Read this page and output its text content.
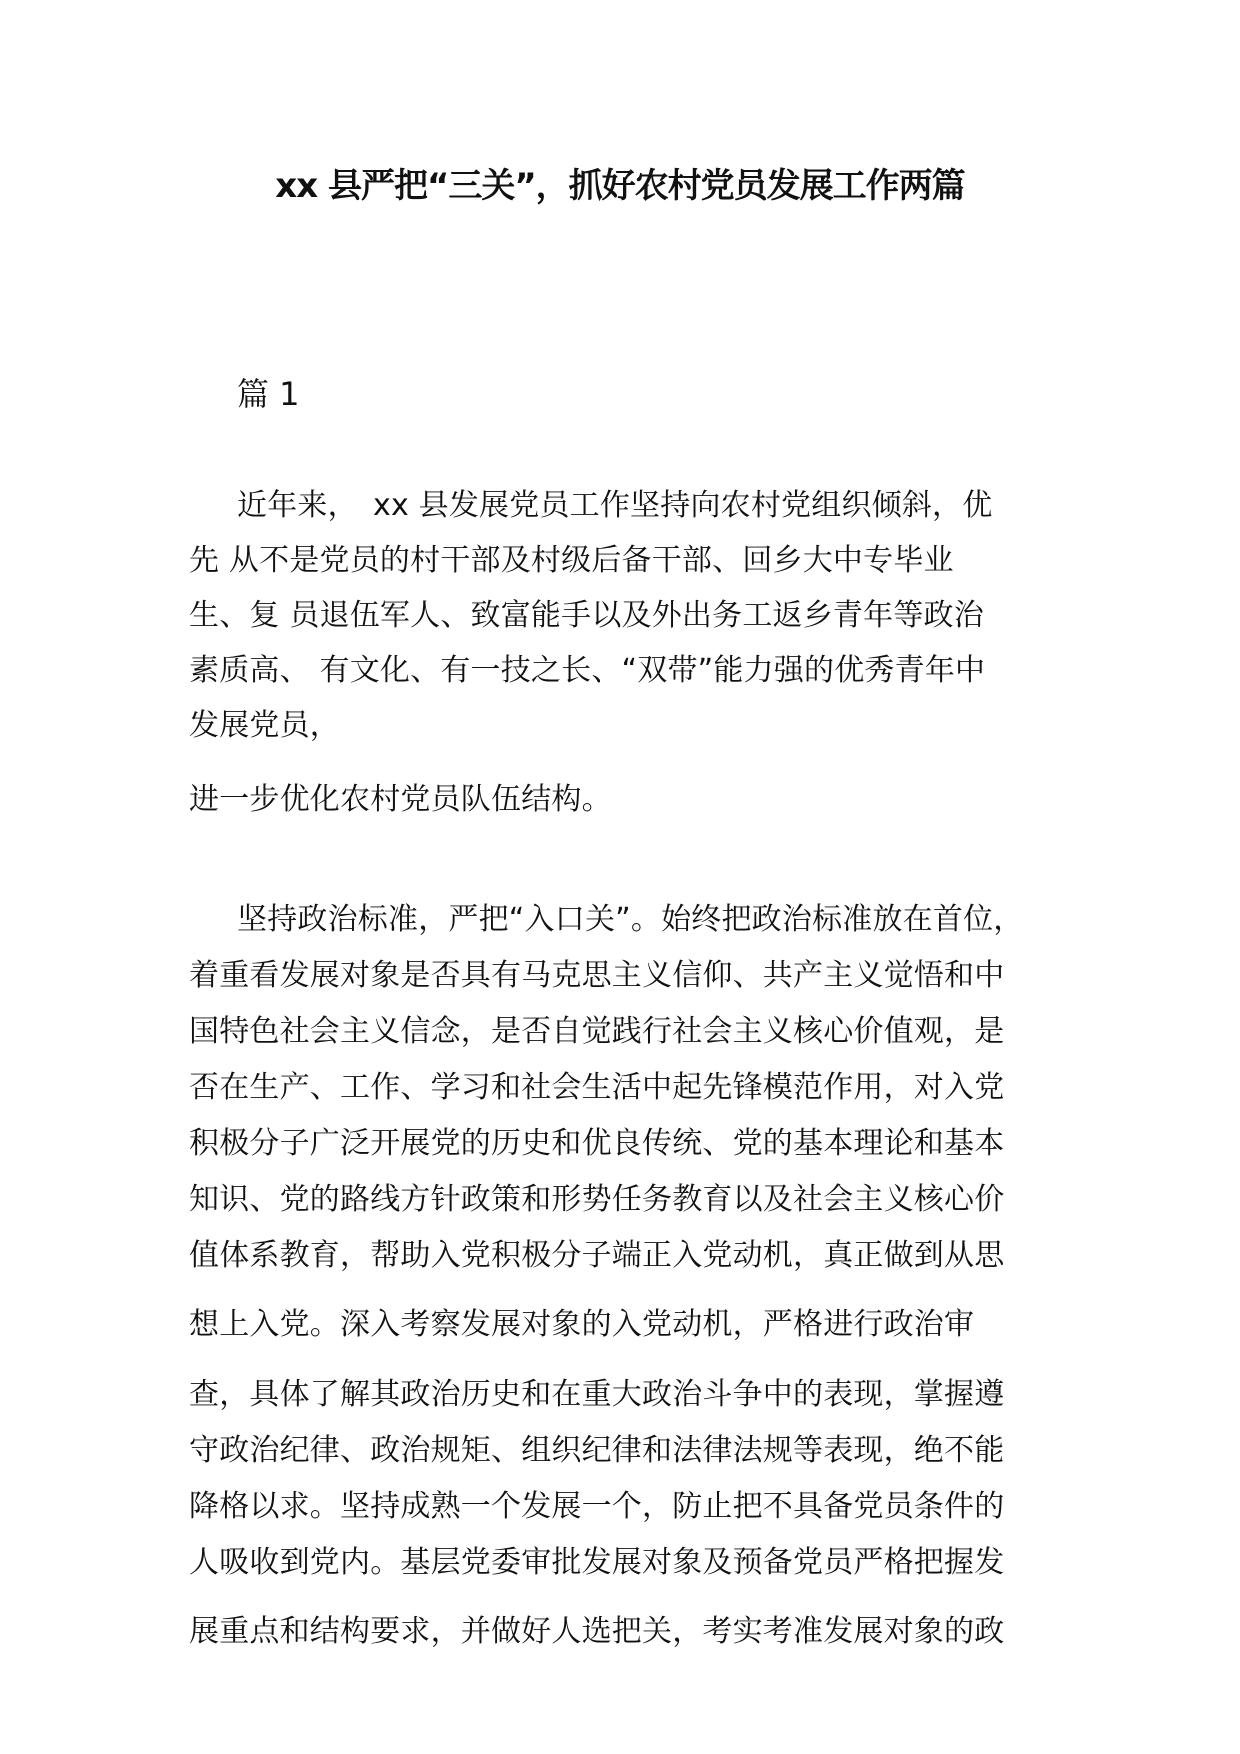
xx 县严把“三关”，抓好农村党员发展工作两篇
篇 1
近年来，　xx 县发展党员工作坚持向农村党组织倾斜，优
先 从不是党员的村干部及村级后备干部、回乡大中专毕业
生、复 员退伍军人、致富能手以及外出务工返乡青年等政治
素质高、 有文化、有一技之长、“双带”能力强的优秀青年中
发展党员，
进一步优化农村党员队伍结构。
坚持政治标准，严把“入口关”。始终把政治标准放在首位，
着重看发展对象是否具有马克思主义信仰、共产主义觉悟和中
国特色社会主义信念，是否自觉践行社会主义核心价值观，是
否在生产、工作、学习和社会生活中起先锋模范作用，对入党
积极分子广泛开展党的历史和优良传统、党的基本理论和基本
知识、党的路线方针政策和形势任务教育以及社会主义核心价
值体系教育，帮助入党积极分子端正入党动机，真正做到从思
想上入党。深入考察发展对象的入党动机，严格进行政治审
查，具体了解其政治历史和在重大政治斗争中的表现，掌握遵
守政治纪律、政治规矩、组织纪律和法律法规等表现，绝不能
降格以求。坚持成熟一个发展一个，防止把不具备党员条件的
人吸收到党内。基层党委审批发展对象及预备党员严格把握发
展重点和结构要求，并做好人选把关，考实考准发展对象的政
